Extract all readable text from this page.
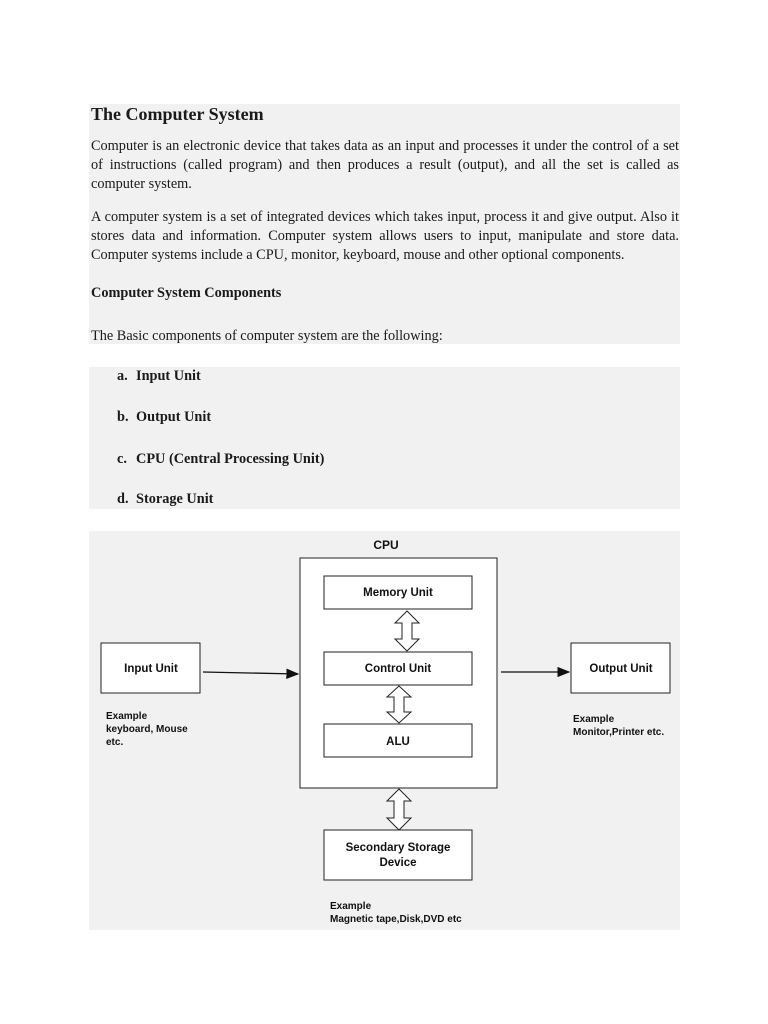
The Computer System

Computer is an electronic device that takes data as an input and processes it under the control of a set of instructions (called program) and then produces a result (output), and all the set is called as computer system.

A computer system is a set of integrated devices which takes input, process it and give output. Also it stores data and information. Computer system allows users to input, manipulate and store data. Computer systems include a CPU, monitor, keyboard, mouse and other optional components.

Computer System Components

The Basic components of computer system are the following:

a. Input Unit
b. Output Unit
c. CPU (Central Processing Unit)
d. Storage Unit
CPU
Memory Unit
Control Unit
ALU
Input Unit
Example
keyboard, Mouse
etc.
Output Unit
Example
Monitor,Printer etc.
Secondary Storage
Device
Example
Magnetic tape,Disk,DVD etc
